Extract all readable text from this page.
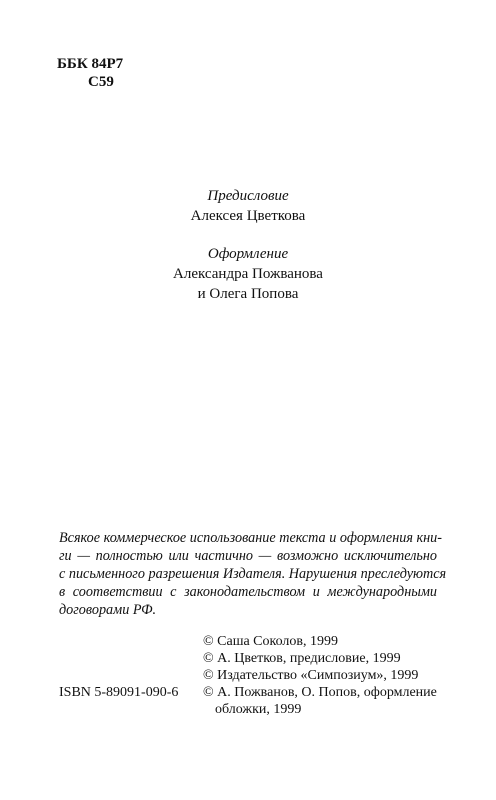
ББК 84Р7
С59
Предисловие
Алексея Цветкова
Оформление
Александра Пожванова
и Олега Попова
Всякое коммерческое использование текста и оформления кни-
ги — полностью или частично — возможно исключительно
с письменного разрешения Издателя. Нарушения преследуются
в соответствии с законодательством и международными
договорами РФ.
© Саша Соколов, 1999
© А. Цветков, предисловие, 1999
© Издательство «Симпозиум», 1999
© А. Пожванов, О. Попов, оформление
обложки, 1999
ISBN 5-89091-090-6
